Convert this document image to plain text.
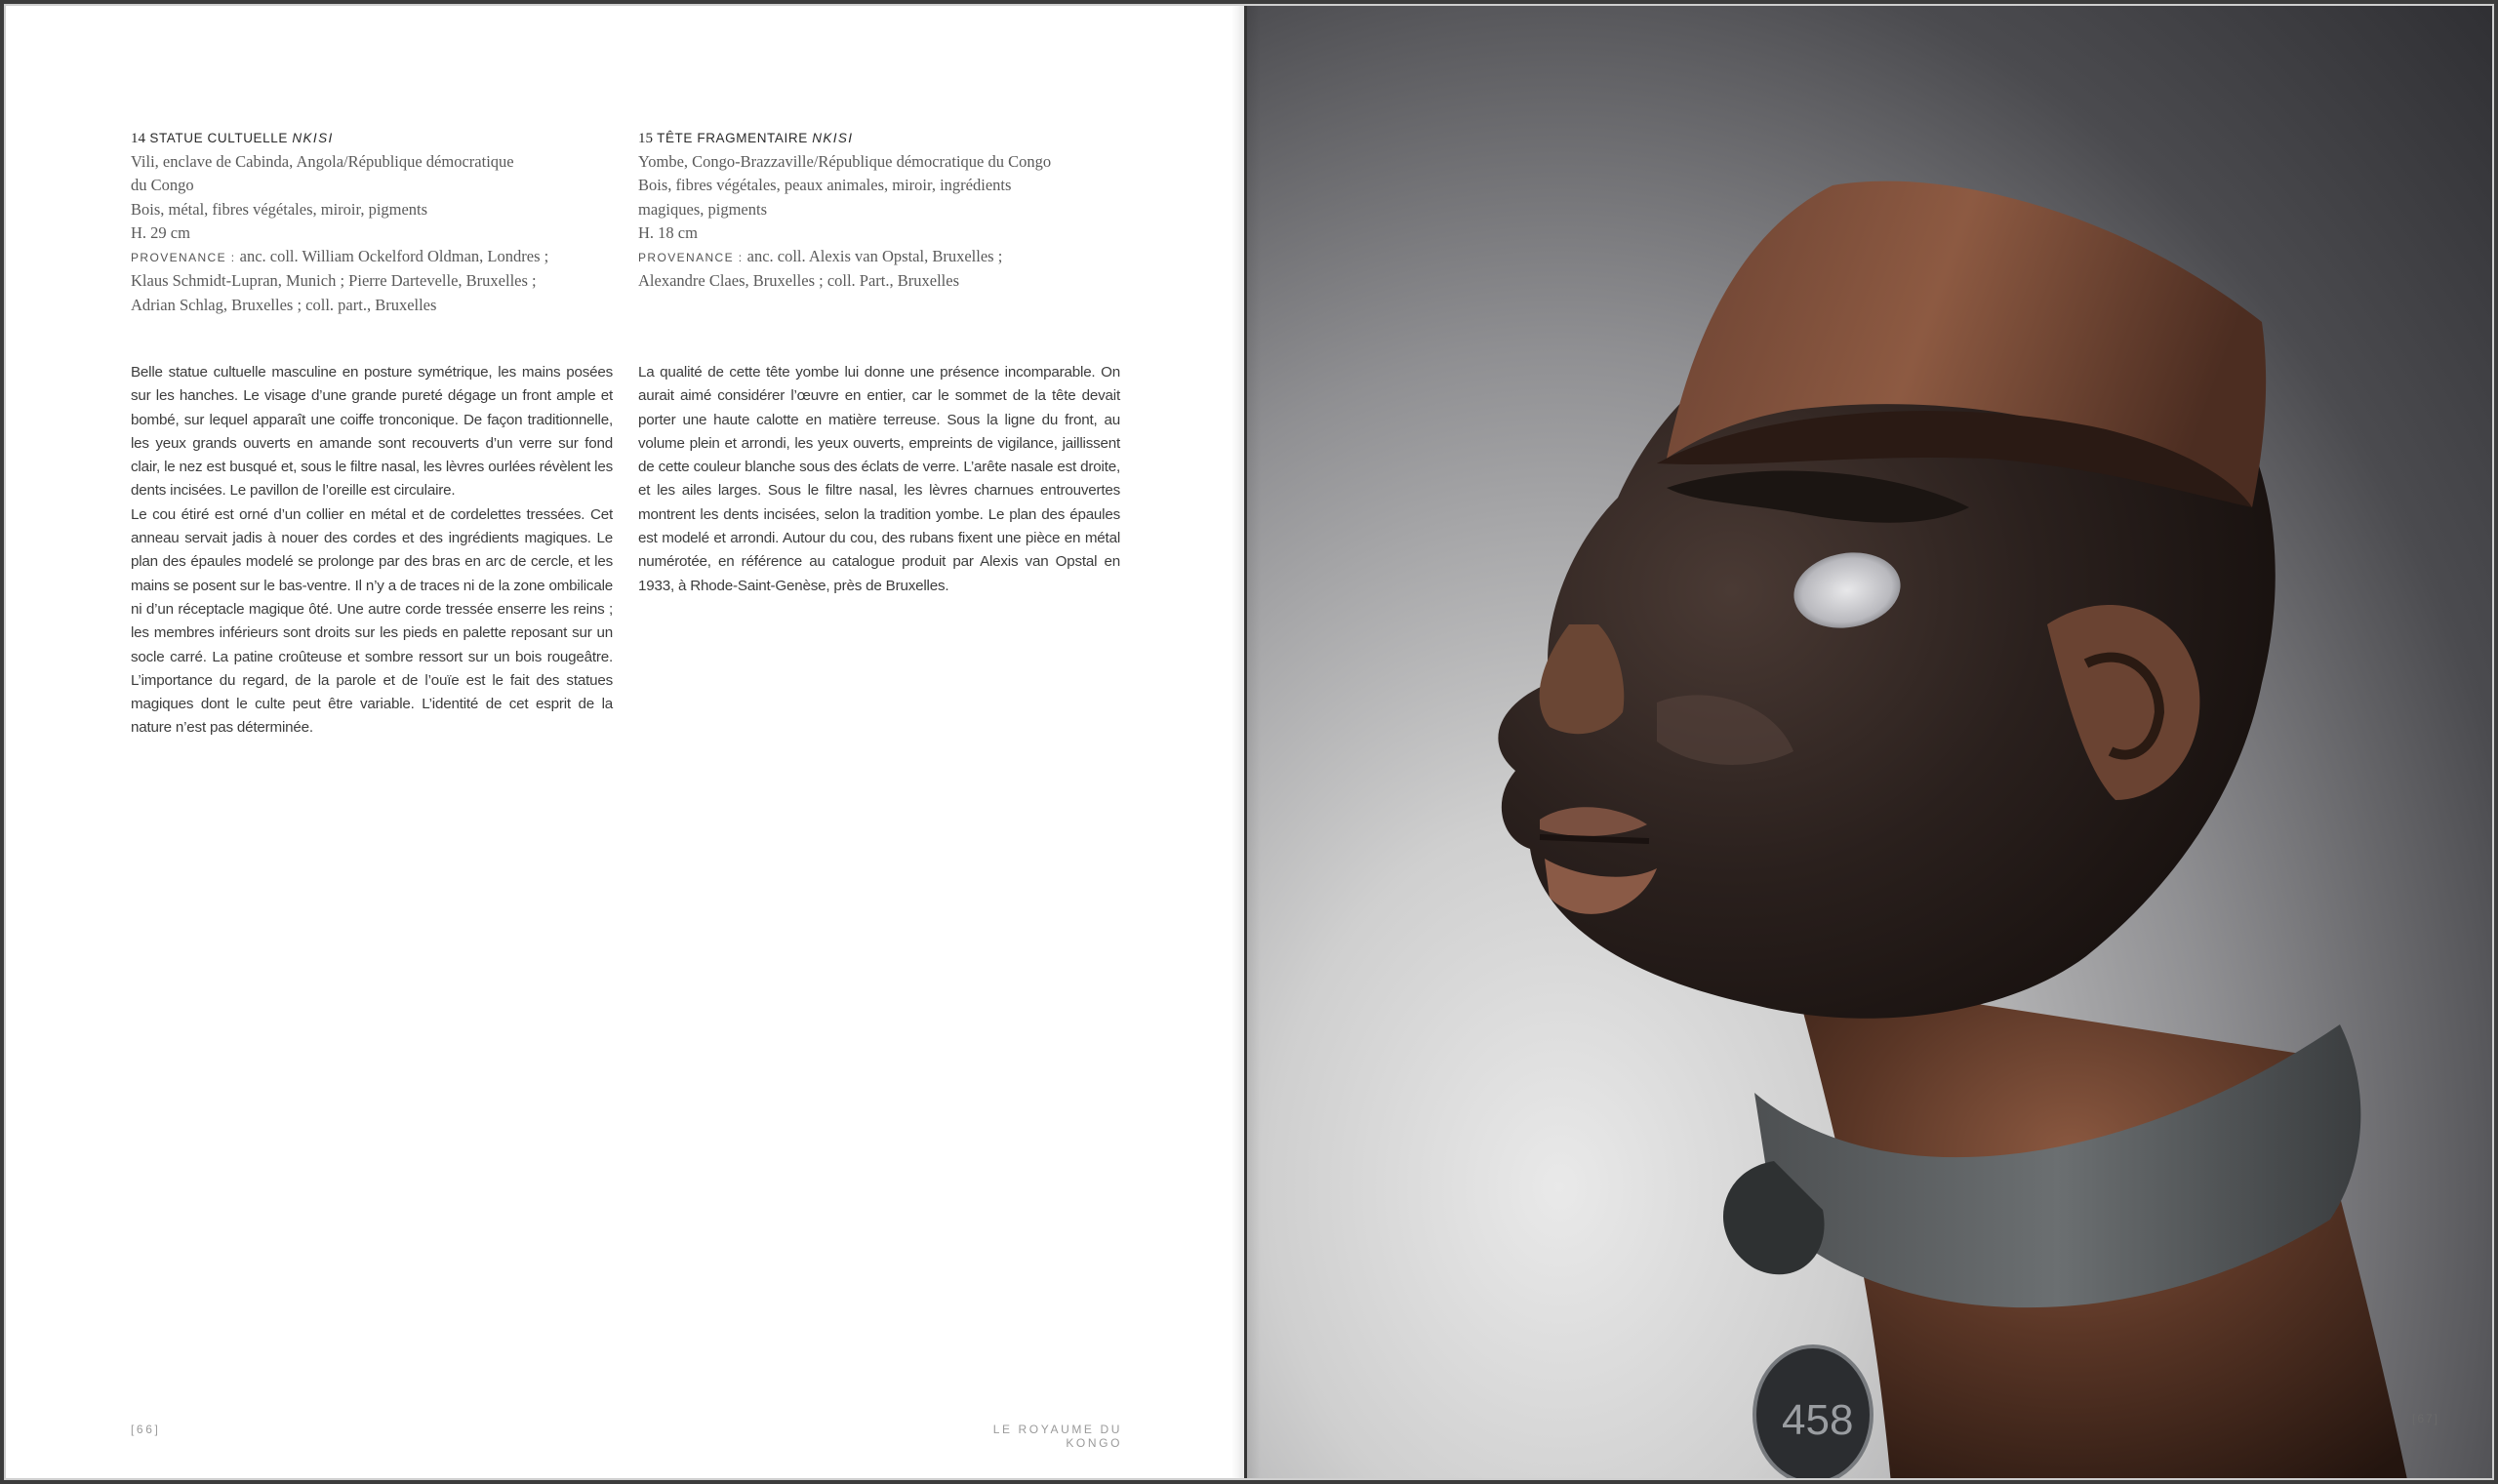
14 STATUE CULTUELLE NKISI
Vili, enclave de Cabinda, Angola/République démocratique
du Congo
Bois, métal, fibres végétales, miroir, pigments
H. 29 cm
PROVENANCE : anc. coll. William Ockelford Oldman, Londres ;
Klaus Schmidt-Lupran, Munich ; Pierre Dartevelle, Bruxelles ;
Adrian Schlag, Bruxelles ; coll. part., Bruxelles

Belle statue cultuelle masculine en posture symétrique, les mains posées sur les hanches. Le visage d’une grande pureté dégage un front ample et bombé, sur lequel apparaît une coiffe tronconique. De façon traditionnelle, les yeux grands ouverts en amande sont recouverts d’un verre sur fond clair, le nez est busqué et, sous le filtre nasal, les lèvres ourlées révèlent les dents incisées. Le pavillon de l’oreille est circulaire.

Le cou étiré est orné d’un collier en métal et de cordelettes tressées. Cet anneau servait jadis à nouer des cordes et des ingrédients magiques. Le plan des épaules modelé se prolonge par des bras en arc de cercle, et les mains se posent sur le bas-ventre. Il n’y a de traces ni de la zone ombilicale ni d’un réceptacle magique ôté. Une autre corde tressée enserre les reins ; les membres inférieurs sont droits sur les pieds en palette reposant sur un socle carré. La patine croûteuse et sombre ressort sur un bois rougeâtre. L’importance du regard, de la parole et de l’ouïe est le fait des statues magiques dont le culte peut être variable. L’identité de cet esprit de la nature n’est pas déterminée.

15 TÊTE FRAGMENTAIRE NKISI
Yombe, Congo-Brazzaville/République démocratique du Congo
Bois, fibres végétales, peaux animales, miroir, ingrédients
magiques, pigments
H. 18 cm
PROVENANCE : anc. coll. Alexis van Opstal, Bruxelles ;
Alexandre Claes, Bruxelles ; coll. Part., Bruxelles

La qualité de cette tête yombe lui donne une présence incomparable. On aurait aimé considérer l’œuvre en entier, car le sommet de la tête devait porter une haute calotte en matière terreuse. Sous la ligne du front, au volume plein et arrondi, les yeux ouverts, empreints de vigilance, jaillissent de cette couleur blanche sous des éclats de verre. L’arête nasale est droite, et les ailes larges. Sous le filtre nasal, les lèvres charnues entrouvertes montrent les dents incisées, selon la tradition yombe. Le plan des épaules est modelé et arrondi. Autour du cou, des rubans fixent une pièce en métal numérotée, en référence au catalogue produit par Alexis van Opstal en 1933, à Rhode-Saint-Genèse, près de Bruxelles.

[66]	LE ROYAUME DU KONGO	458	[67]
